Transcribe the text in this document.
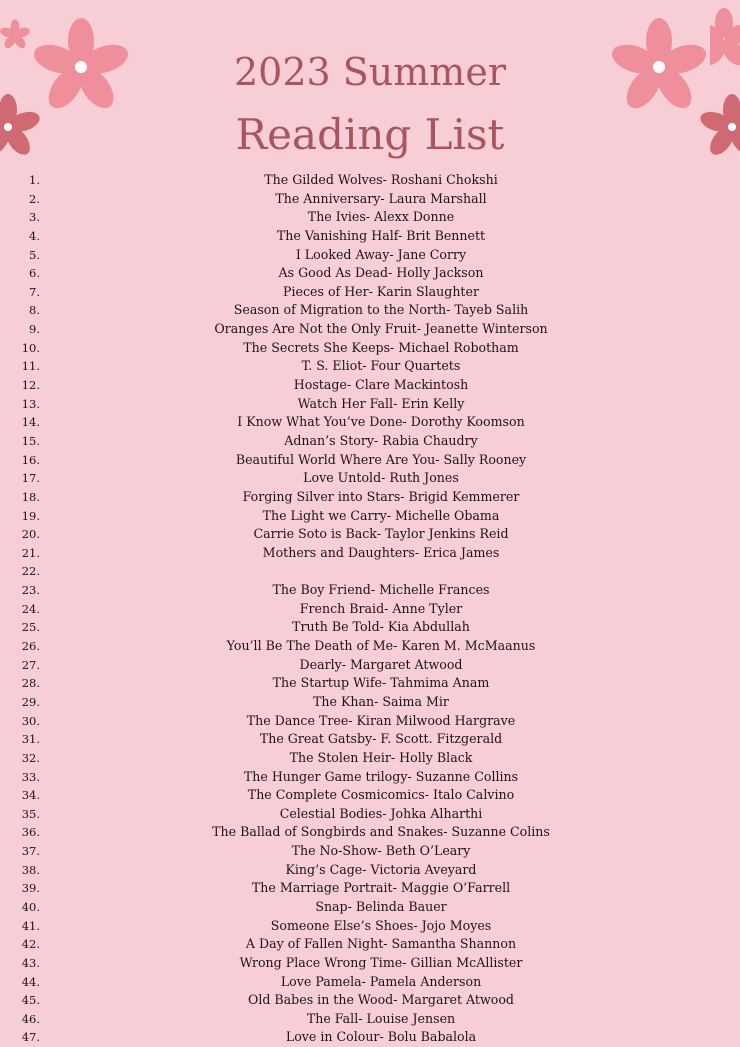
2023 Summer
Reading List
1.	The Gilded Wolves- Roshani Chokshi
2.	The Anniversary- Laura Marshall
3.	The Ivies- Alexx Donne
4.	The Vanishing Half- Brit Bennett
5.	I Looked Away- Jane Corry
6.	As Good As Dead- Holly Jackson
7.	Pieces of Her- Karin Slaughter
8.	Season of Migration to the North- Tayeb Salih
9.	Oranges Are Not the Only Fruit- Jeanette Winterson
10.	The Secrets She Keeps- Michael Robotham
11.	T. S. Eliot- Four Quartets
12.	Hostage- Clare Mackintosh
13.	Watch Her Fall- Erin Kelly
14.	I Know What You’ve Done- Dorothy Koomson
15.	Adnan’s Story- Rabia Chaudry
16.	Beautiful World Where Are You- Sally Rooney
17.	Love Untold- Ruth Jones
18.	Forging Silver into Stars- Brigid Kemmerer
19.	The Light we Carry- Michelle Obama
20.	Carrie Soto is Back- Taylor Jenkins Reid
21.	Mothers and Daughters- Erica James
22.
23.	The Boy Friend- Michelle Frances
24.	French Braid- Anne Tyler
25.	Truth Be Told- Kia Abdullah
26.	You’ll Be The Death of Me- Karen M. McMaanus
27.	Dearly- Margaret Atwood
28.	The Startup Wife- Tahmima Anam
29.	The Khan- Saima Mir
30.	The Dance Tree- Kiran Milwood Hargrave
31.	The Great Gatsby- F. Scott. Fitzgerald
32.	The Stolen Heir- Holly Black
33.	The Hunger Game trilogy- Suzanne Collins
34.	The Complete Cosmicomics- Italo Calvino
35.	Celestial Bodies- Johka Alharthi
36.	The Ballad of Songbirds and Snakes- Suzanne Colins
37.	The No-Show- Beth O’Leary
38.	King’s Cage- Victoria Aveyard
39.	The Marriage Portrait- Maggie O’Farrell
40.	Snap- Belinda Bauer
41.	Someone Else’s Shoes- Jojo Moyes
42.	A Day of Fallen Night- Samantha Shannon
43.	Wrong Place Wrong Time- Gillian McAllister
44.	Love Pamela- Pamela Anderson
45.	Old Babes in the Wood- Margaret Atwood
46.	The Fall- Louise Jensen
47.	Love in Colour- Bolu Babalola
